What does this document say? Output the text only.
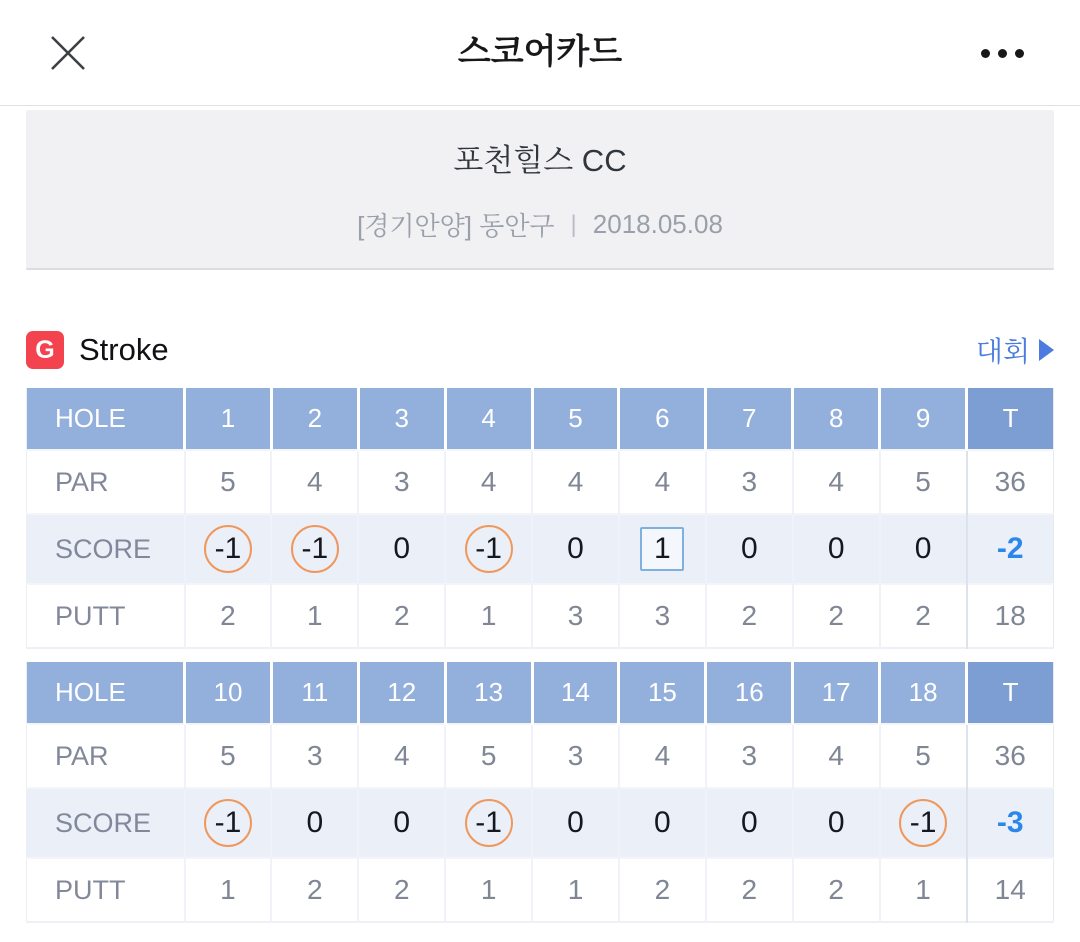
스코어카드
포천힐스 CC
[경기안양] 동안구 | 2018.05.08
G Stroke	대회
HOLE	1	2	3	4	5	6	7	8	9	T
PAR	5	4	3	4	4	4	3	4	5	36
SCORE	-1	-1	0	-1	0	1	0	0	0	-2
PUTT	2	1	2	1	3	3	2	2	2	18
HOLE	10	11	12	13	14	15	16	17	18	T
PAR	5	3	4	5	3	4	3	4	5	36
SCORE	-1	0	0	-1	0	0	0	0	-1	-3
PUTT	1	2	2	1	1	2	2	2	1	14
